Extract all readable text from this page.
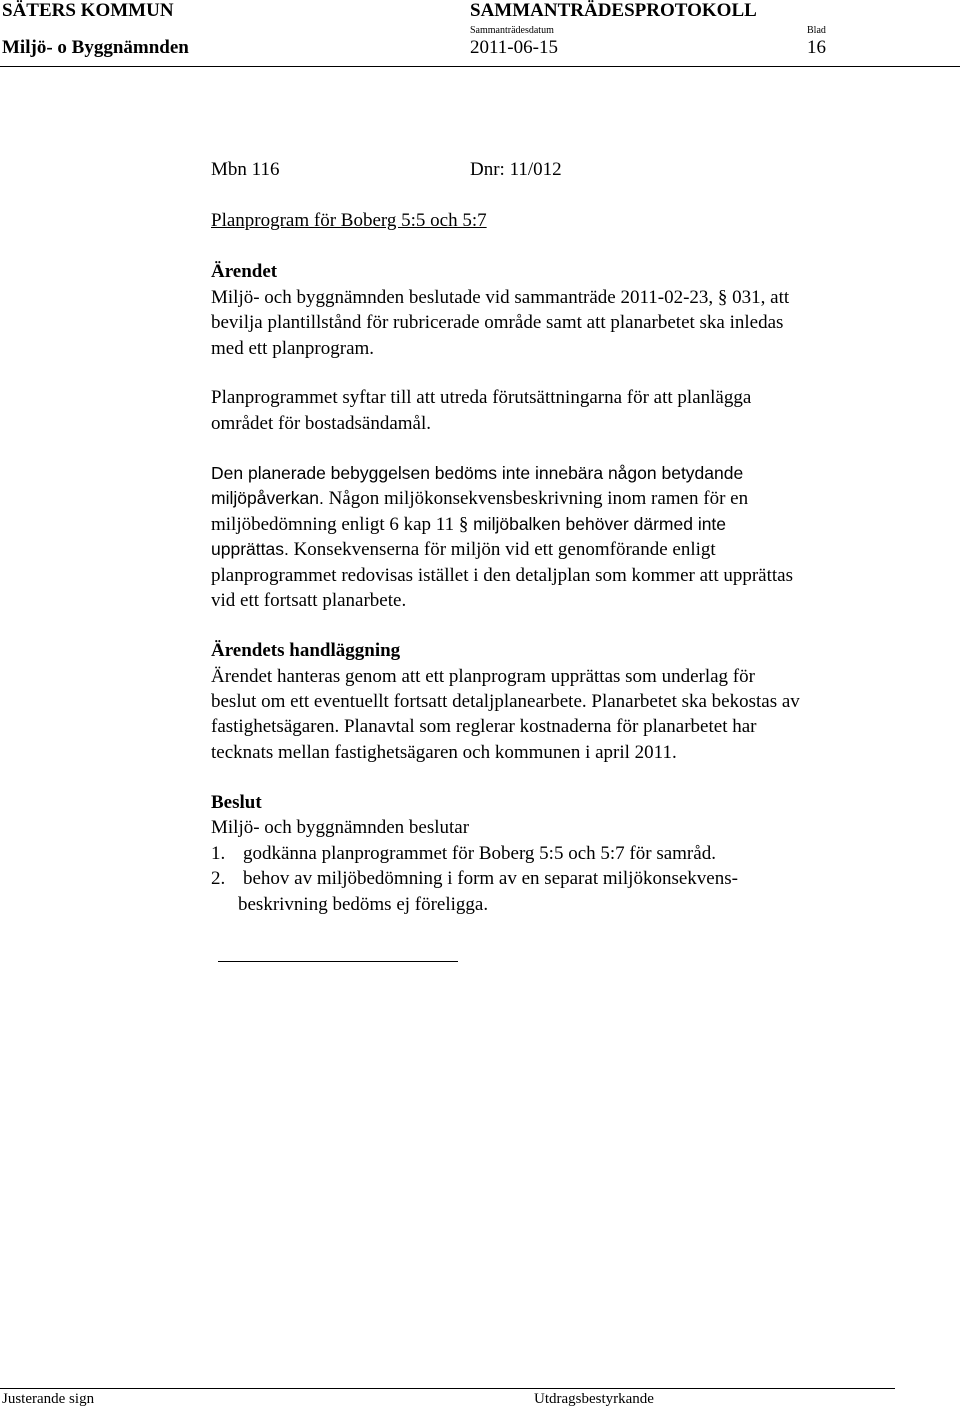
SÄTERS KOMMUN	SAMMANTRÄDESPROTOKOLL
Sammanträdesdatum	Blad
Miljö- o Byggnämnden	2011-06-15	16
Mbn 116	Dnr: 11/012
Planprogram för Boberg 5:5 och 5:7
Ärendet
Miljö- och byggnämnden beslutade vid sammanträde 2011-02-23, § 031, att
bevilja plantillstånd för rubricerade område samt att planarbetet ska inledas
med ett planprogram.
Planprogrammet syftar till att utreda förutsättningarna för att planlägga
området för bostadsändamål.
Den planerade bebyggelsen bedöms inte innebära någon betydande
miljöpåverkan. Någon miljökonsekvensbeskrivning inom ramen för en
miljöbedömning enligt 6 kap 11 § miljöbalken behöver därmed inte
upprättas. Konsekvenserna för miljön vid ett genomförande enligt
planprogrammet redovisas istället i den detaljplan som kommer att upprättas
vid ett fortsatt planarbete.
Ärendets handläggning
Ärendet hanteras genom att ett planprogram upprättas som underlag för
beslut om ett eventuellt fortsatt detaljplanearbete. Planarbetet ska bekostas av
fastighetsägaren. Planavtal som reglerar kostnaderna för planarbetet har
tecknats mellan fastighetsägaren och kommunen i april 2011.
Beslut
Miljö- och byggnämnden beslutar
1. godkänna planprogrammet för Boberg 5:5 och 5:7 för samråd.
2. behov av miljöbedömning i form av en separat miljökonsekvens-
beskrivning bedöms ej föreligga.
Justerande sign	Utdragsbestyrkande
